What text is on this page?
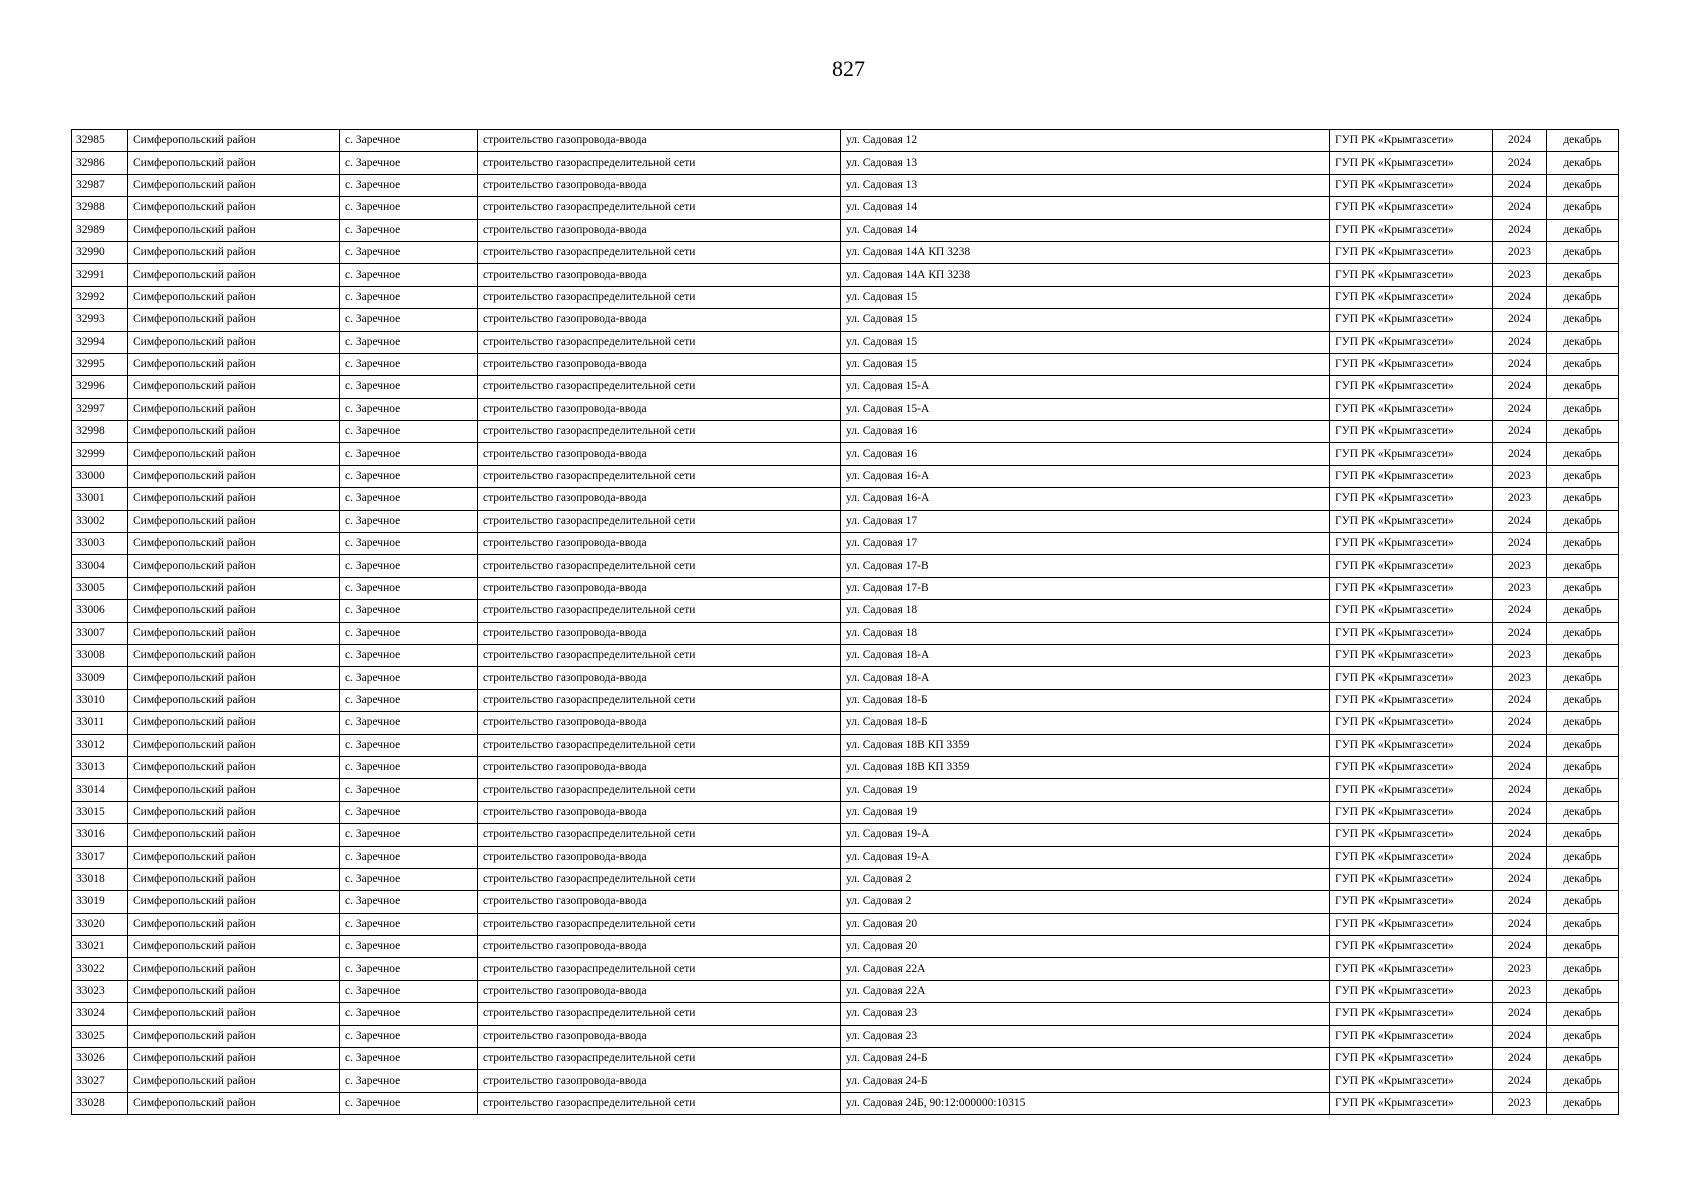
827
32985	Симферопольский район	с. Заречное	строительство газопровода-ввода	ул. Садовая 12	ГУП РК «Крымгазсети»	2024	декабрь
32986	Симферопольский район	с. Заречное	строительство газораспределительной сети	ул. Садовая 13	ГУП РК «Крымгазсети»	2024	декабрь
32987	Симферопольский район	с. Заречное	строительство газопровода-ввода	ул. Садовая 13	ГУП РК «Крымгазсети»	2024	декабрь
32988	Симферопольский район	с. Заречное	строительство газораспределительной сети	ул. Садовая 14	ГУП РК «Крымгазсети»	2024	декабрь
32989	Симферопольский район	с. Заречное	строительство газопровода-ввода	ул. Садовая 14	ГУП РК «Крымгазсети»	2024	декабрь
32990	Симферопольский район	с. Заречное	строительство газораспределительной сети	ул. Садовая 14А КП 3238	ГУП РК «Крымгазсети»	2023	декабрь
32991	Симферопольский район	с. Заречное	строительство газопровода-ввода	ул. Садовая 14А КП 3238	ГУП РК «Крымгазсети»	2023	декабрь
32992	Симферопольский район	с. Заречное	строительство газораспределительной сети	ул. Садовая 15	ГУП РК «Крымгазсети»	2024	декабрь
32993	Симферопольский район	с. Заречное	строительство газопровода-ввода	ул. Садовая 15	ГУП РК «Крымгазсети»	2024	декабрь
32994	Симферопольский район	с. Заречное	строительство газораспределительной сети	ул. Садовая 15	ГУП РК «Крымгазсети»	2024	декабрь
32995	Симферопольский район	с. Заречное	строительство газопровода-ввода	ул. Садовая 15	ГУП РК «Крымгазсети»	2024	декабрь
32996	Симферопольский район	с. Заречное	строительство газораспределительной сети	ул. Садовая 15-А	ГУП РК «Крымгазсети»	2024	декабрь
32997	Симферопольский район	с. Заречное	строительство газопровода-ввода	ул. Садовая 15-А	ГУП РК «Крымгазсети»	2024	декабрь
32998	Симферопольский район	с. Заречное	строительство газораспределительной сети	ул. Садовая 16	ГУП РК «Крымгазсети»	2024	декабрь
32999	Симферопольский район	с. Заречное	строительство газопровода-ввода	ул. Садовая 16	ГУП РК «Крымгазсети»	2024	декабрь
33000	Симферопольский район	с. Заречное	строительство газораспределительной сети	ул. Садовая 16-А	ГУП РК «Крымгазсети»	2023	декабрь
33001	Симферопольский район	с. Заречное	строительство газопровода-ввода	ул. Садовая 16-А	ГУП РК «Крымгазсети»	2023	декабрь
33002	Симферопольский район	с. Заречное	строительство газораспределительной сети	ул. Садовая 17	ГУП РК «Крымгазсети»	2024	декабрь
33003	Симферопольский район	с. Заречное	строительство газопровода-ввода	ул. Садовая 17	ГУП РК «Крымгазсети»	2024	декабрь
33004	Симферопольский район	с. Заречное	строительство газораспределительной сети	ул. Садовая 17-В	ГУП РК «Крымгазсети»	2023	декабрь
33005	Симферопольский район	с. Заречное	строительство газопровода-ввода	ул. Садовая 17-В	ГУП РК «Крымгазсети»	2023	декабрь
33006	Симферопольский район	с. Заречное	строительство газораспределительной сети	ул. Садовая 18	ГУП РК «Крымгазсети»	2024	декабрь
33007	Симферопольский район	с. Заречное	строительство газопровода-ввода	ул. Садовая 18	ГУП РК «Крымгазсети»	2024	декабрь
33008	Симферопольский район	с. Заречное	строительство газораспределительной сети	ул. Садовая 18-А	ГУП РК «Крымгазсети»	2023	декабрь
33009	Симферопольский район	с. Заречное	строительство газопровода-ввода	ул. Садовая 18-А	ГУП РК «Крымгазсети»	2023	декабрь
33010	Симферопольский район	с. Заречное	строительство газораспределительной сети	ул. Садовая 18-Б	ГУП РК «Крымгазсети»	2024	декабрь
33011	Симферопольский район	с. Заречное	строительство газопровода-ввода	ул. Садовая 18-Б	ГУП РК «Крымгазсети»	2024	декабрь
33012	Симферопольский район	с. Заречное	строительство газораспределительной сети	ул. Садовая 18В КП 3359	ГУП РК «Крымгазсети»	2024	декабрь
33013	Симферопольский район	с. Заречное	строительство газопровода-ввода	ул. Садовая 18В КП 3359	ГУП РК «Крымгазсети»	2024	декабрь
33014	Симферопольский район	с. Заречное	строительство газораспределительной сети	ул. Садовая 19	ГУП РК «Крымгазсети»	2024	декабрь
33015	Симферопольский район	с. Заречное	строительство газопровода-ввода	ул. Садовая 19	ГУП РК «Крымгазсети»	2024	декабрь
33016	Симферопольский район	с. Заречное	строительство газораспределительной сети	ул. Садовая 19-А	ГУП РК «Крымгазсети»	2024	декабрь
33017	Симферопольский район	с. Заречное	строительство газопровода-ввода	ул. Садовая 19-А	ГУП РК «Крымгазсети»	2024	декабрь
33018	Симферопольский район	с. Заречное	строительство газораспределительной сети	ул. Садовая 2	ГУП РК «Крымгазсети»	2024	декабрь
33019	Симферопольский район	с. Заречное	строительство газопровода-ввода	ул. Садовая 2	ГУП РК «Крымгазсети»	2024	декабрь
33020	Симферопольский район	с. Заречное	строительство газораспределительной сети	ул. Садовая 20	ГУП РК «Крымгазсети»	2024	декабрь
33021	Симферопольский район	с. Заречное	строительство газопровода-ввода	ул. Садовая 20	ГУП РК «Крымгазсети»	2024	декабрь
33022	Симферопольский район	с. Заречное	строительство газораспределительной сети	ул. Садовая 22А	ГУП РК «Крымгазсети»	2023	декабрь
33023	Симферопольский район	с. Заречное	строительство газопровода-ввода	ул. Садовая 22А	ГУП РК «Крымгазсети»	2023	декабрь
33024	Симферопольский район	с. Заречное	строительство газораспределительной сети	ул. Садовая 23	ГУП РК «Крымгазсети»	2024	декабрь
33025	Симферопольский район	с. Заречное	строительство газопровода-ввода	ул. Садовая 23	ГУП РК «Крымгазсети»	2024	декабрь
33026	Симферопольский район	с. Заречное	строительство газораспределительной сети	ул. Садовая 24-Б	ГУП РК «Крымгазсети»	2024	декабрь
33027	Симферопольский район	с. Заречное	строительство газопровода-ввода	ул. Садовая 24-Б	ГУП РК «Крымгазсети»	2024	декабрь
33028	Симферопольский район	с. Заречное	строительство газораспределительной сети	ул. Садовая 24Б, 90:12:000000:10315	ГУП РК «Крымгазсети»	2023	декабрь
